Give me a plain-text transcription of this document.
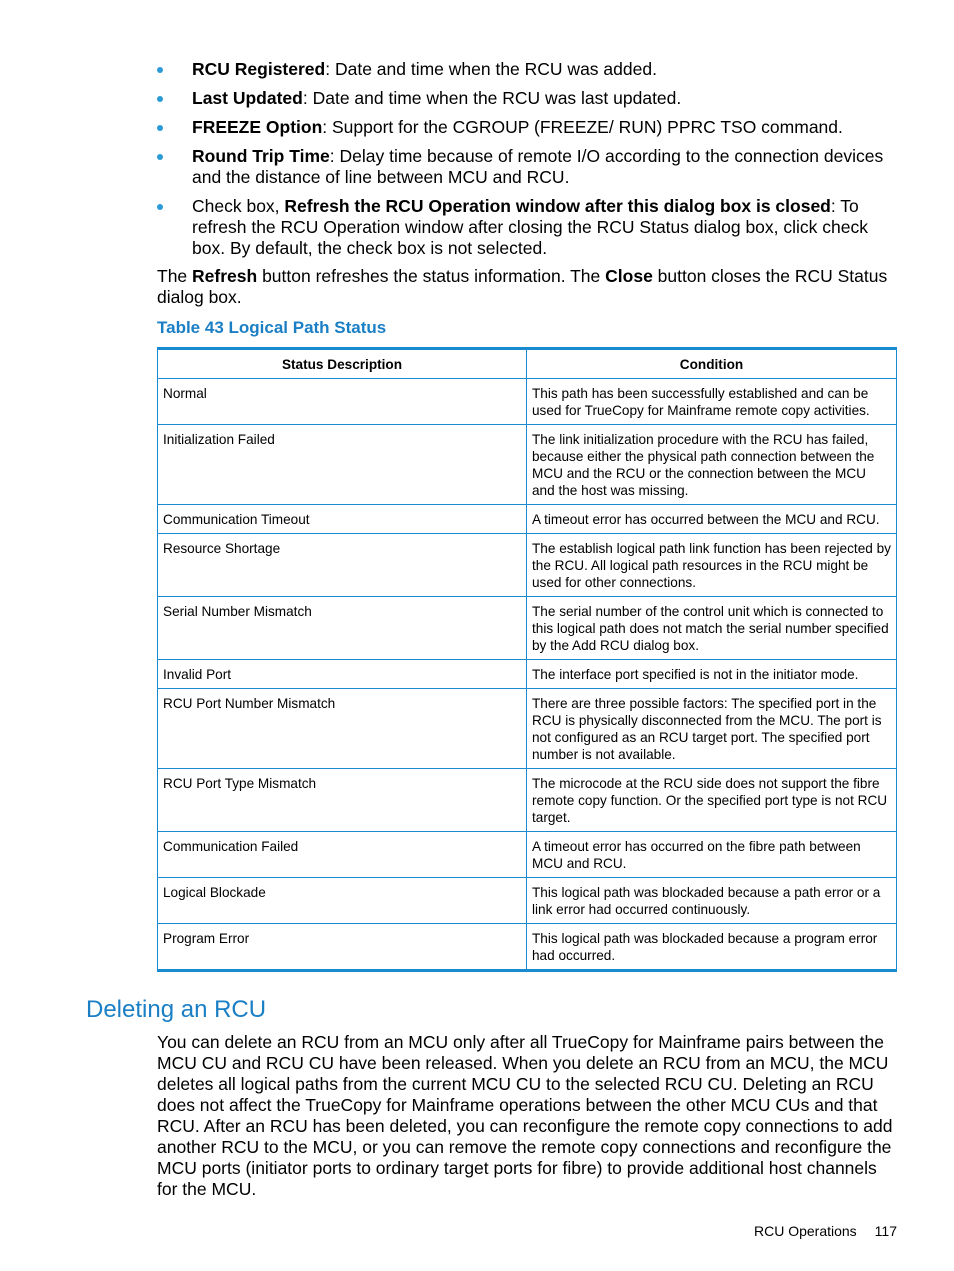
RCU Registered: Date and time when the RCU was added.
Last Updated: Date and time when the RCU was last updated.
FREEZE Option: Support for the CGROUP (FREEZE/ RUN) PPRC TSO command.
Round Trip Time: Delay time because of remote I/O according to the connection devices and the distance of line between MCU and RCU.
Check box, Refresh the RCU Operation window after this dialog box is closed: To refresh the RCU Operation window after closing the RCU Status dialog box, click check box. By default, the check box is not selected.

The Refresh button refreshes the status information. The Close button closes the RCU Status dialog box.

Table 43 Logical Path Status

Status Description	Condition
Normal	This path has been successfully established and can be used for TrueCopy for Mainframe remote copy activities.
Initialization Failed	The link initialization procedure with the RCU has failed, because either the physical path connection between the MCU and the RCU or the connection between the MCU and the host was missing.
Communication Timeout	A timeout error has occurred between the MCU and RCU.
Resource Shortage	The establish logical path link function has been rejected by the RCU. All logical path resources in the RCU might be used for other connections.
Serial Number Mismatch	The serial number of the control unit which is connected to this logical path does not match the serial number specified by the Add RCU dialog box.
Invalid Port	The interface port specified is not in the initiator mode.
RCU Port Number Mismatch	There are three possible factors: The specified port in the RCU is physically disconnected from the MCU. The port is not configured as an RCU target port. The specified port number is not available.
RCU Port Type Mismatch	The microcode at the RCU side does not support the fibre remote copy function. Or the specified port type is not RCU target.
Communication Failed	A timeout error has occurred on the fibre path between MCU and RCU.
Logical Blockade	This logical path was blockaded because a path error or a link error had occurred continuously.
Program Error	This logical path was blockaded because a program error had occurred.
Deleting an RCU

You can delete an RCU from an MCU only after all TrueCopy for Mainframe pairs between the MCU CU and RCU CU have been released. When you delete an RCU from an MCU, the MCU deletes all logical paths from the current MCU CU to the selected RCU CU. Deleting an RCU does not affect the TrueCopy for Mainframe operations between the other MCU CUs and that RCU. After an RCU has been deleted, you can reconfigure the remote copy connections to add another RCU to the MCU, or you can remove the remote copy connections and reconfigure the MCU ports (initiator ports to ordinary target ports for fibre) to provide additional host channels for the MCU.

RCU Operations 117
